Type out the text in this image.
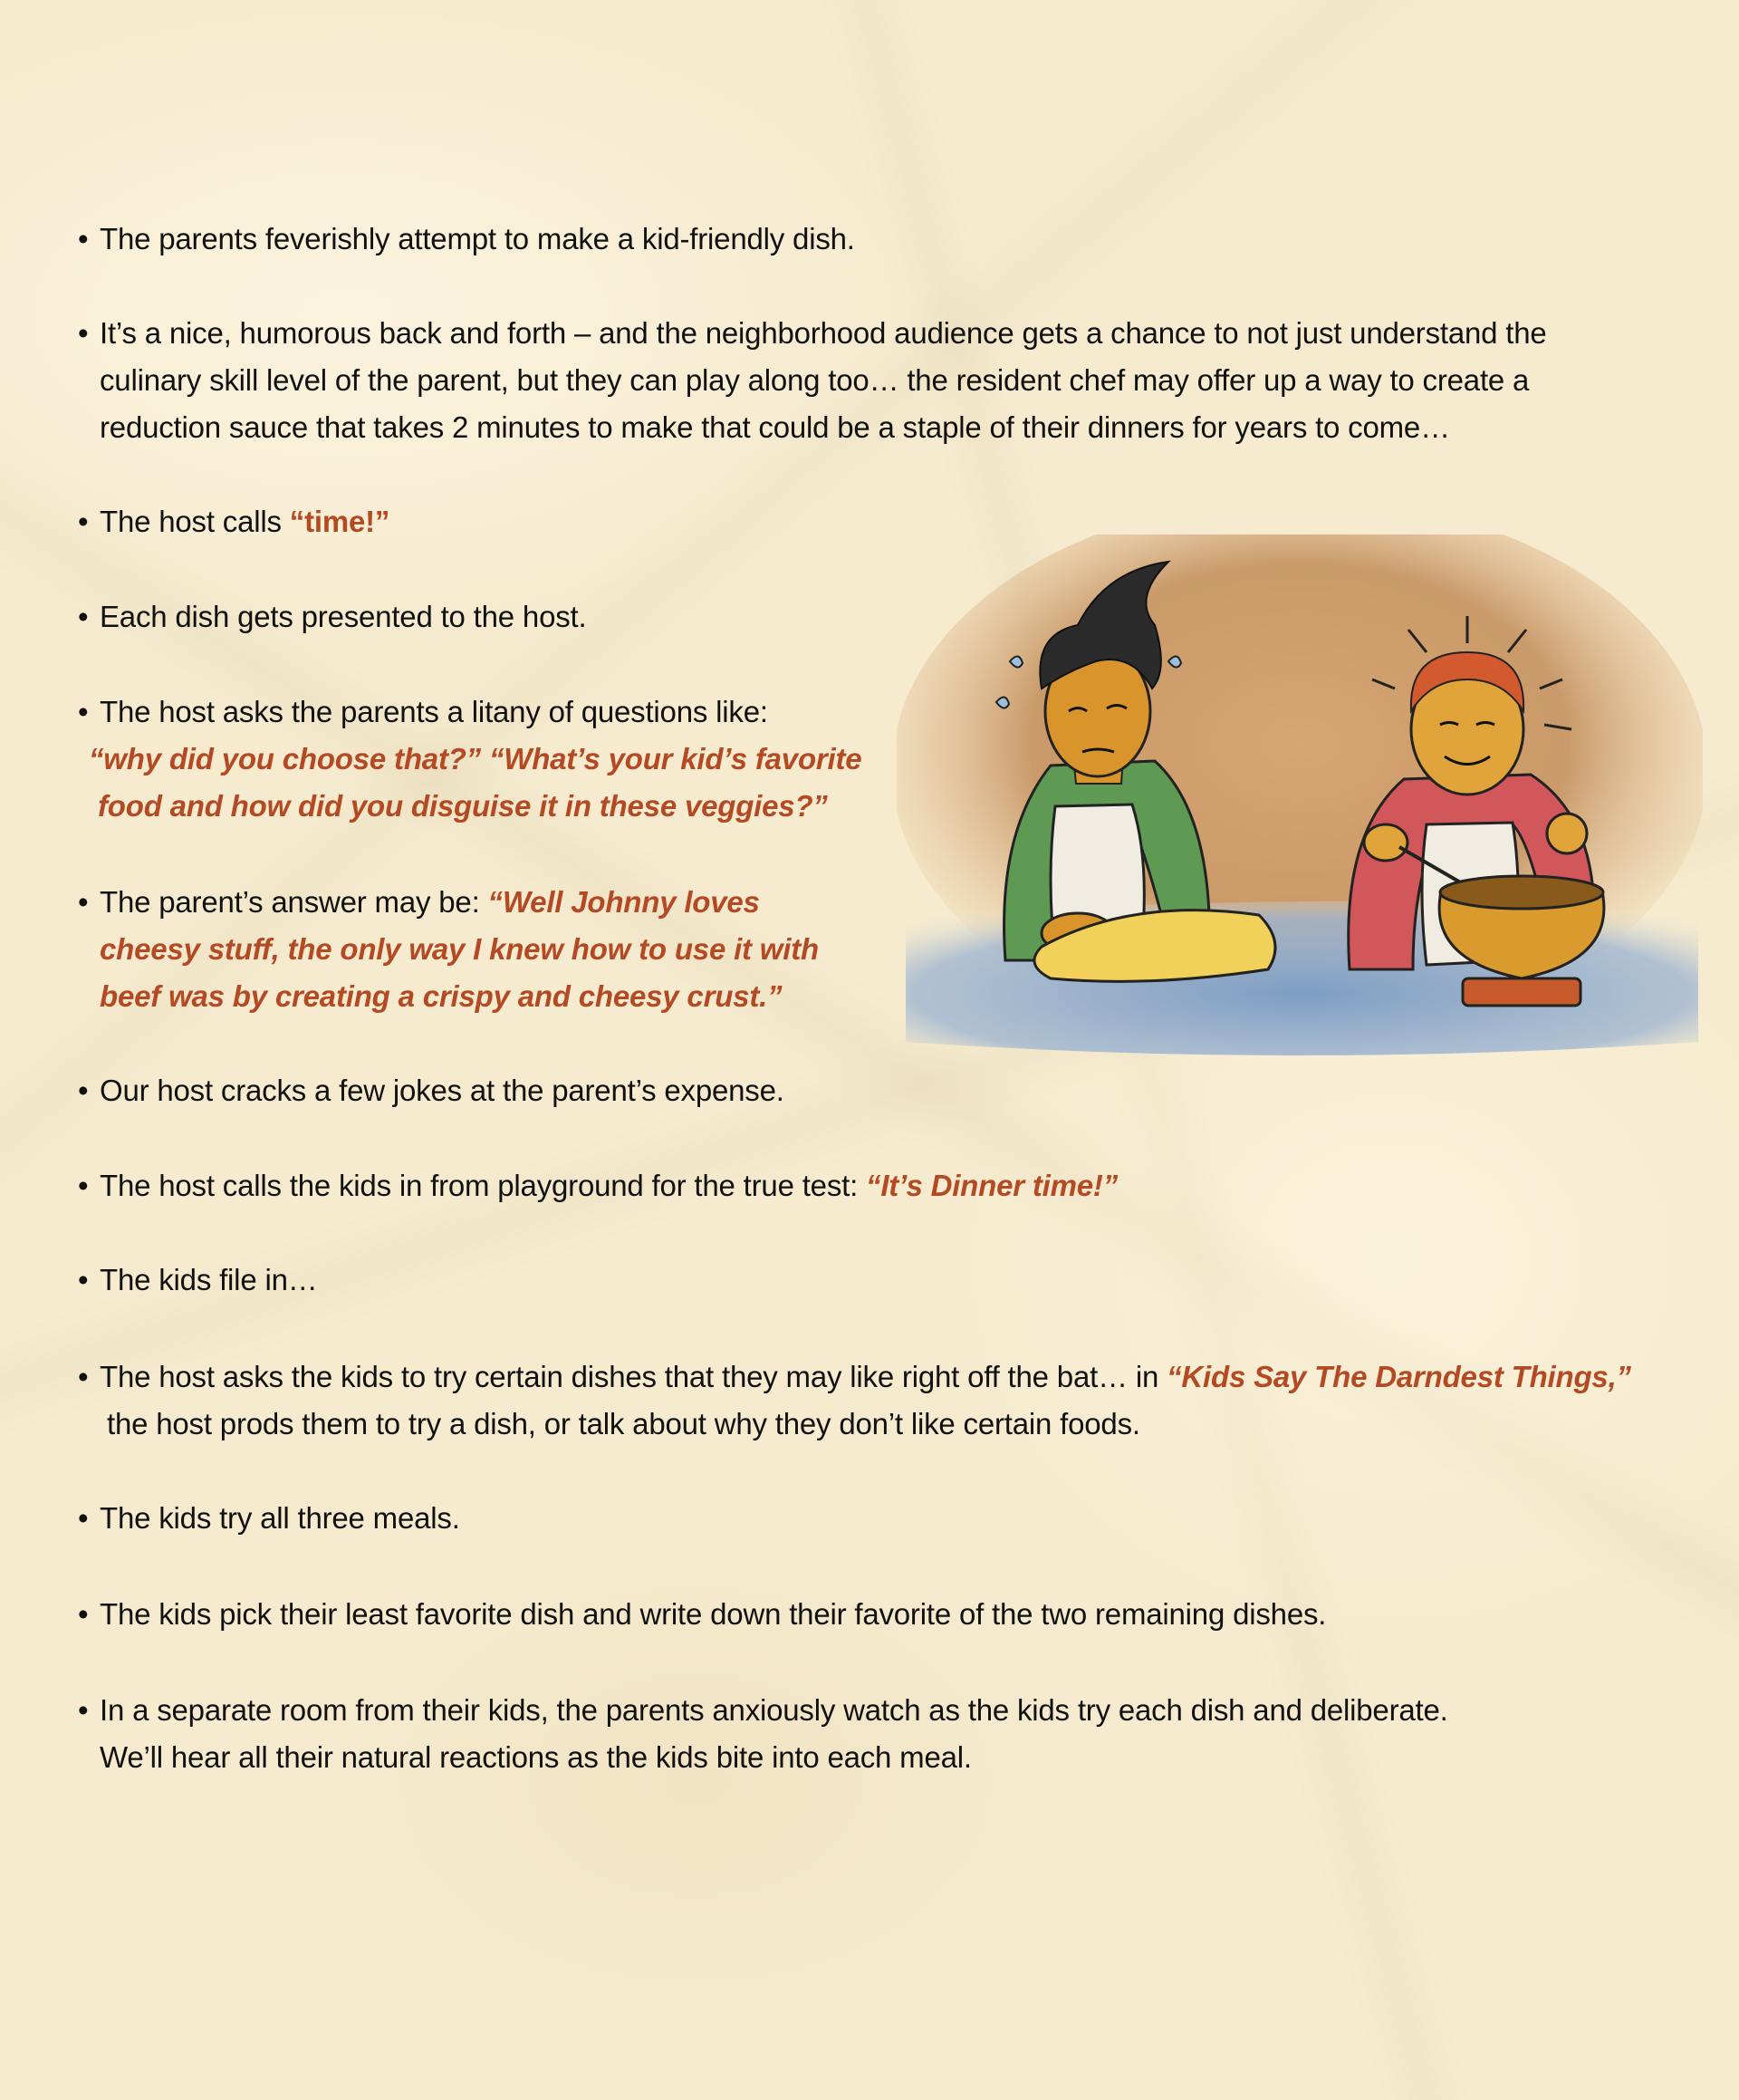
• The parents feverishly attempt to make a kid-friendly dish.
• It’s a nice, humorous back and forth – and the neighborhood audience gets a chance to not just understand the
culinary skill level of the parent, but they can play along too… the resident chef may offer up a way to create a
reduction sauce that takes 2 minutes to make that could be a staple of their dinners for years to come…
• The host calls “time!”
• Each dish gets presented to the host.
• The host asks the parents a litany of questions like:
“why did you choose that?” “What’s your kid’s favorite
food and how did you disguise it in these veggies?”
• The parent’s answer may be: “Well Johnny loves
cheesy stuff, the only way I knew how to use it with
beef was by creating a crispy and cheesy crust.”
• Our host cracks a few jokes at the parent’s expense.
• The host calls the kids in from playground for the true test: “It’s Dinner time!”
• The kids file in…
• The host asks the kids to try certain dishes that they may like right off the bat… in “Kids Say The Darndest Things,”
the host prods them to try a dish, or talk about why they don’t like certain foods.
• The kids try all three meals.
• The kids pick their least favorite dish and write down their favorite of the two remaining dishes.
• In a separate room from their kids, the parents anxiously watch as the kids try each dish and deliberate.
We’ll hear all their natural reactions as the kids bite into each meal.
